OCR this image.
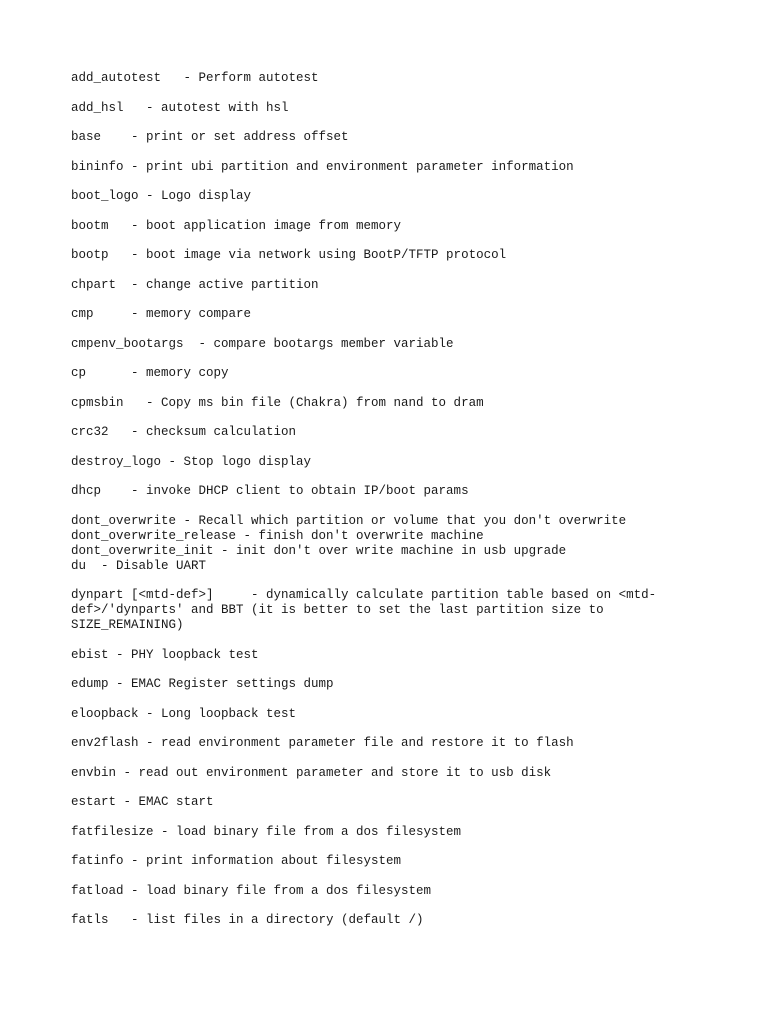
add_autotest   - Perform autotest
add_hsl   - autotest with hsl
base    - print or set address offset
bininfo - print ubi partition and environment parameter information
boot_logo - Logo display
bootm   - boot application image from memory
bootp   - boot image via network using BootP/TFTP protocol
chpart  - change active partition
cmp     - memory compare
cmpenv_bootargs  - compare bootargs member variable
cp      - memory copy
cpmsbin   - Copy ms bin file (Chakra) from nand to dram
crc32   - checksum calculation
destroy_logo - Stop logo display
dhcp    - invoke DHCP client to obtain IP/boot params
dont_overwrite - Recall which partition or volume that you don't overwrite
dont_overwrite_release - finish don't overwrite machine
dont_overwrite_init - init don't over write machine in usb upgrade
du  - Disable UART
dynpart [<mtd-def>]     - dynamically calculate partition table based on <mtd-
def>/'dynparts' and BBT (it is better to set the last partition size to
SIZE_REMAINING)
ebist - PHY loopback test
edump - EMAC Register settings dump
eloopback - Long loopback test
env2flash - read environment parameter file and restore it to flash
envbin - read out environment parameter and store it to usb disk
estart - EMAC start
fatfilesize - load binary file from a dos filesystem
fatinfo - print information about filesystem
fatload - load binary file from a dos filesystem
fatls   - list files in a directory (default /)
